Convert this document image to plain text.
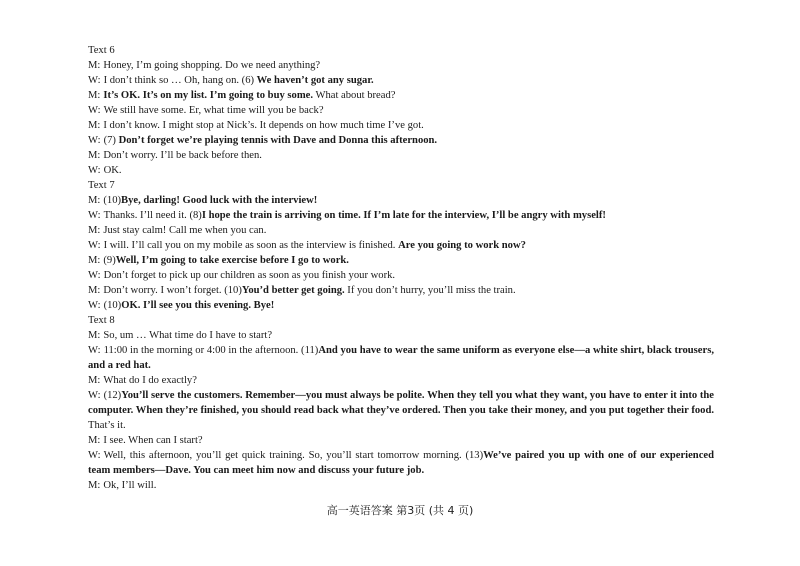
Text 6
M: Honey, I’m going shopping. Do we need anything?
W: I don’t think so … Oh, hang on. (6) We haven’t got any sugar.
M: It’s OK. It’s on my list. I’m going to buy some. What about bread?
W: We still have some. Er, what time will you be back?
M: I don’t know. I might stop at Nick’s. It depends on how much time I’ve got.
W: (7) Don’t forget we’re playing tennis with Dave and Donna this afternoon.
M: Don’t worry. I’ll be back before then.
W: OK.
Text 7
M: (10)Bye, darling! Good luck with the interview!
W: Thanks. I’ll need it. (8)I hope the train is arriving on time. If I’m late for the interview, I’ll be angry with myself!
M: Just stay calm! Call me when you can.
W: I will. I’ll call you on my mobile as soon as the interview is finished. Are you going to work now?
M: (9)Well, I’m going to take exercise before I go to work.
W: Don’t forget to pick up our children as soon as you finish your work.
M: Don’t worry. I won’t forget. (10)You’d better get going. If you don’t hurry, you’ll miss the train.
W: (10)OK. I’ll see you this evening. Bye!
Text 8
M: So, um … What time do I have to start?
W: 11:00 in the morning or 4:00 in the afternoon. (11)And you have to wear the same uniform as everyone else—a white shirt, black trousers, and a red hat.
M: What do I do exactly?
W: (12)You’ll serve the customers. Remember—you must always be polite. When they tell you what they want, you have to enter it into the computer. When they’re finished, you should read back what they’ve ordered. Then you take their money, and you put together their food. That’s it.
M: I see. When can I start?
W: Well, this afternoon, you’ll get quick training. So, you’ll start tomorrow morning. (13)We’ve paired you up with one of our experienced team members—Dave. You can meet him now and discuss your future job.
M: Ok, I’ll will.
高一英语答案 第3页 (共 4 页)
